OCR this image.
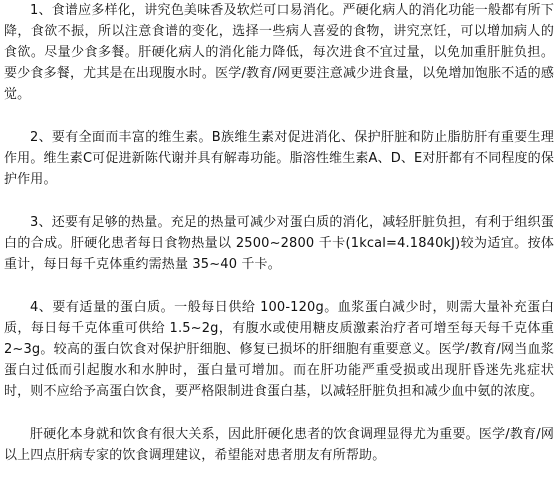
1、食谱应多样化，讲究色美味香及软烂可口易消化。严硬化病人的消化功能一般都有所下降，食欲不振，所以注意食谱的变化，选择一些病人喜爱的食物，讲究烹饪，可以增加病人的食欲。尽量少食多餐。肝硬化病人的消化能力降低，每次进食不宜过量，以免加重肝脏负担。要少食多餐，尤其是在出现腹水时。医学/教育/网更要注意减少进食量，以免增加饱胀不适的感觉。

2、要有全面而丰富的维生素。B族维生素对促进消化、保护肝脏和防止脂肪肝有重要生理作用。维生素C可促进新陈代谢并具有解毒功能。脂溶性维生素A、D、E对肝都有不同程度的保护作用。

3、还要有足够的热量。充足的热量可减少对蛋白质的消化，减轻肝脏负担，有利于组织蛋白的合成。肝硬化患者每日食物热量以 2500~2800 千卡(1kcal=4.1840kJ)较为适宜。按体重计，每日每千克体重约需热量 35~40 千卡。

4、要有适量的蛋白质。一般每日供给 100-120g。血浆蛋白减少时，则需大量补充蛋白质，每日每千克体重可供给 1.5~2g，有腹水或使用糖皮质激素治疗者可增至每天每千克体重 2~3g。较高的蛋白饮食对保护肝细胞、修复已损坏的肝细胞有重要意义。医学/教育/网当血浆蛋白过低而引起腹水和水肿时，蛋白量可增加。而在肝功能严重受损或出现肝昏迷先兆症状时，则不应给予高蛋白饮食，要严格限制进食蛋白基，以减轻肝脏负担和减少血中氨的浓度。

肝硬化本身就和饮食有很大关系，因此肝硬化患者的饮食调理显得尤为重要。医学/教育/网以上四点肝病专家的饮食调理建议，希望能对患者朋友有所帮助。
